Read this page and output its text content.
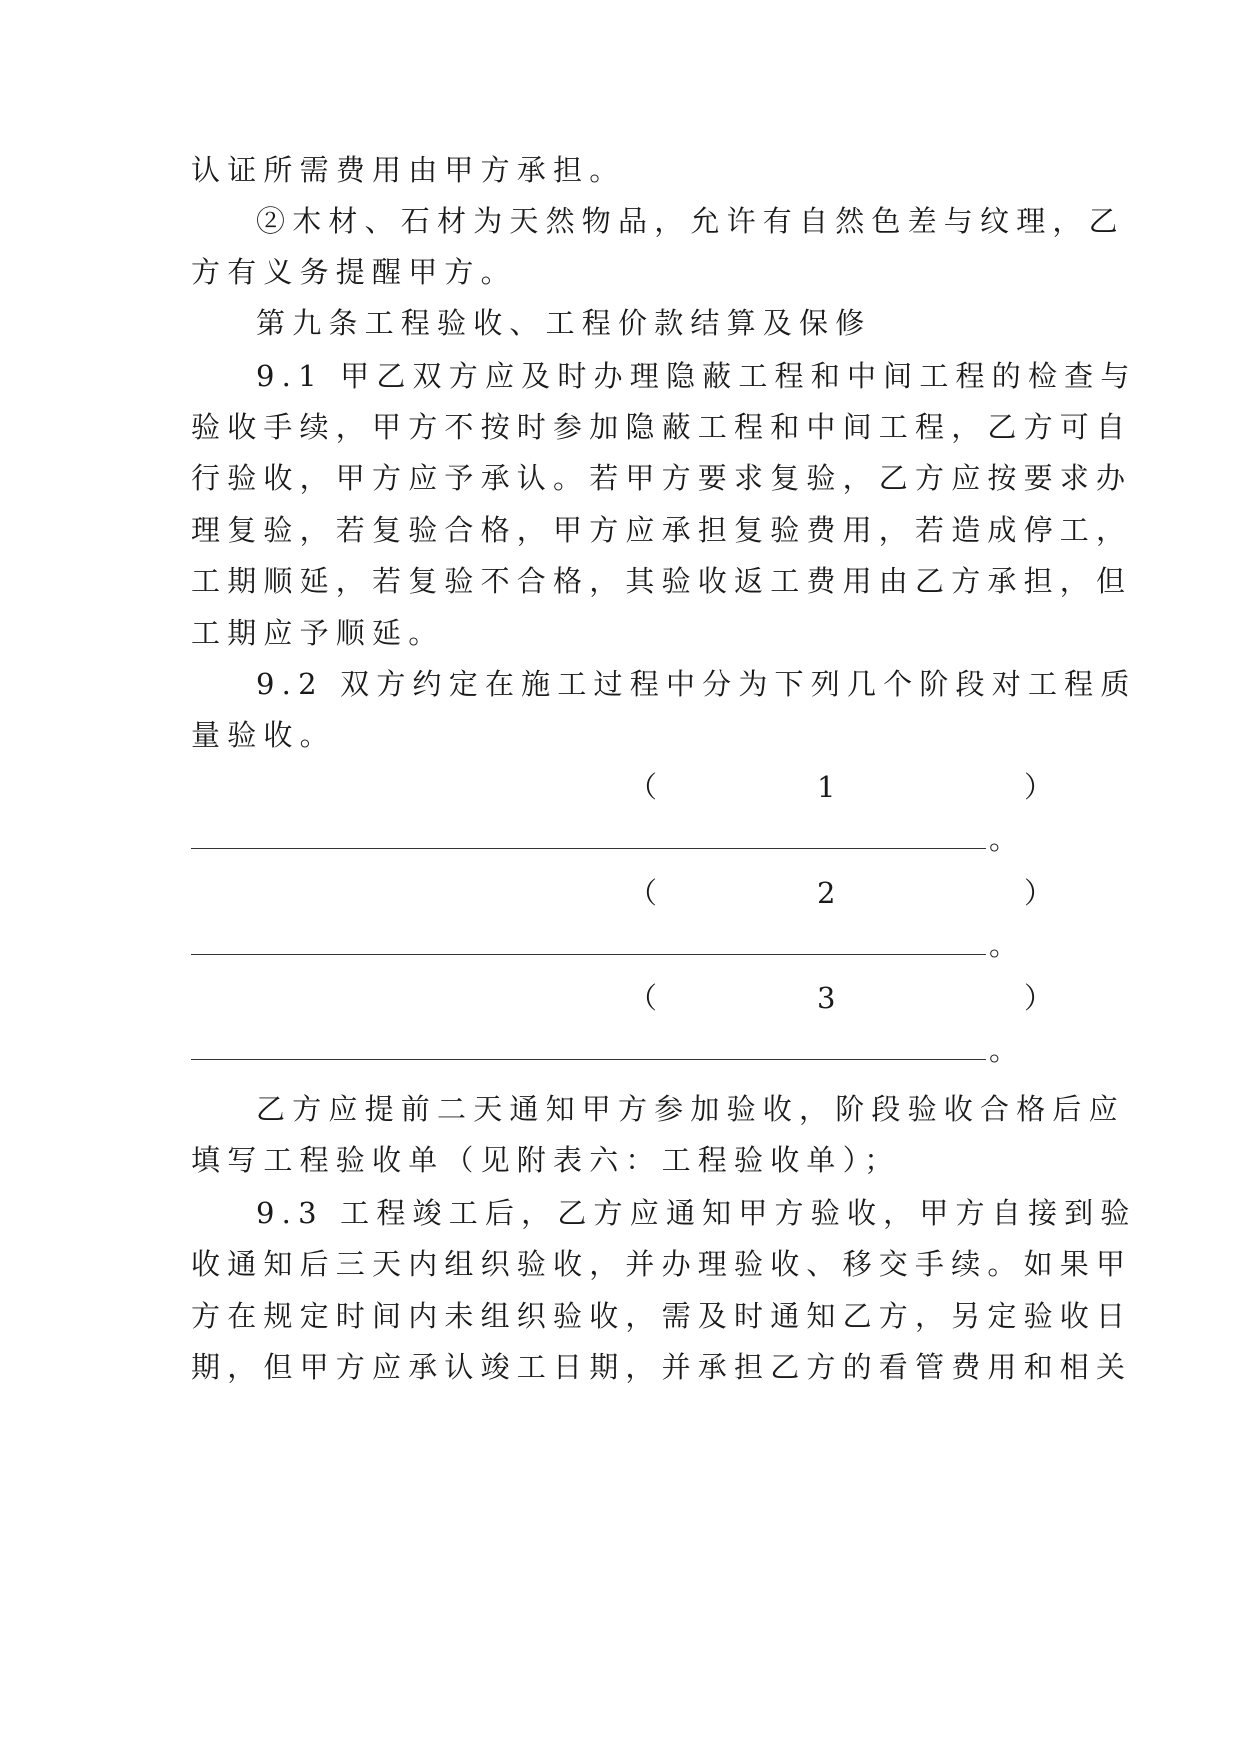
认证所需费用由甲方承担。
②木材、石材为天然物品，允许有自然色差与纹理，乙
方有义务提醒甲方。
第九条工程验收、工程价款结算及保修
9.1 甲乙双方应及时办理隐蔽工程和中间工程的检查与
验收手续，甲方不按时参加隐蔽工程和中间工程，乙方可自
行验收，甲方应予承认。若甲方要求复验，乙方应按要求办
理复验，若复验合格，甲方应承担复验费用，若造成停工，
工期顺延，若复验不合格，其验收返工费用由乙方承担，但
工期应予顺延。
9.2 双方约定在施工过程中分为下列几个阶段对工程质
量验收。
（	1	）
。
（	2	）
。
（	3	）
。
乙方应提前二天通知甲方参加验收，阶段验收合格后应
填写工程验收单（见附表六：工程验收单）；
9.3 工程竣工后，乙方应通知甲方验收，甲方自接到验
收通知后三天内组织验收，并办理验收、移交手续。如果甲
方在规定时间内未组织验收，需及时通知乙方，另定验收日
期，但甲方应承认竣工日期，并承担乙方的看管费用和相关
